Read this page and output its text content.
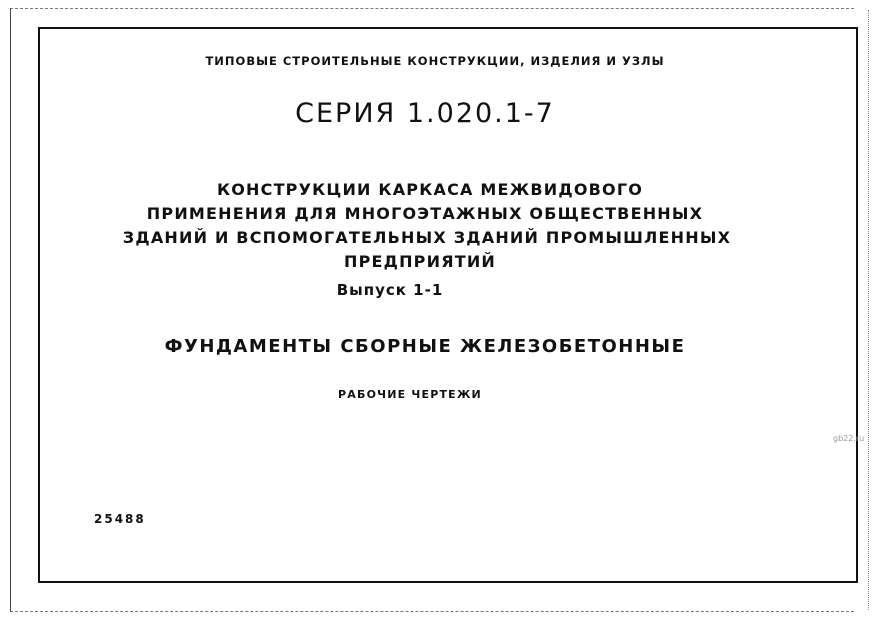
ТИПОВЫЕ СТРОИТЕЛЬНЫЕ КОНСТРУКЦИИ, ИЗДЕЛИЯ И УЗЛЫ
СЕРИЯ 1.020.1-7
КОНСТРУКЦИИ КАРКАСА МЕЖВИДОВОГО
ПРИМЕНЕНИЯ ДЛЯ МНОГОЭТАЖНЫХ ОБЩЕСТВЕННЫХ
ЗДАНИЙ И ВСПОМОГАТЕЛЬНЫХ ЗДАНИЙ ПРОМЫШЛЕННЫХ
ПРЕДПРИЯТИЙ
Выпуск 1-1
ФУНДАМЕНТЫ СБОРНЫЕ ЖЕЛЕЗОБЕТОННЫЕ
РАБОЧИЕ ЧЕРТЕЖИ
25488
gb22.ru
